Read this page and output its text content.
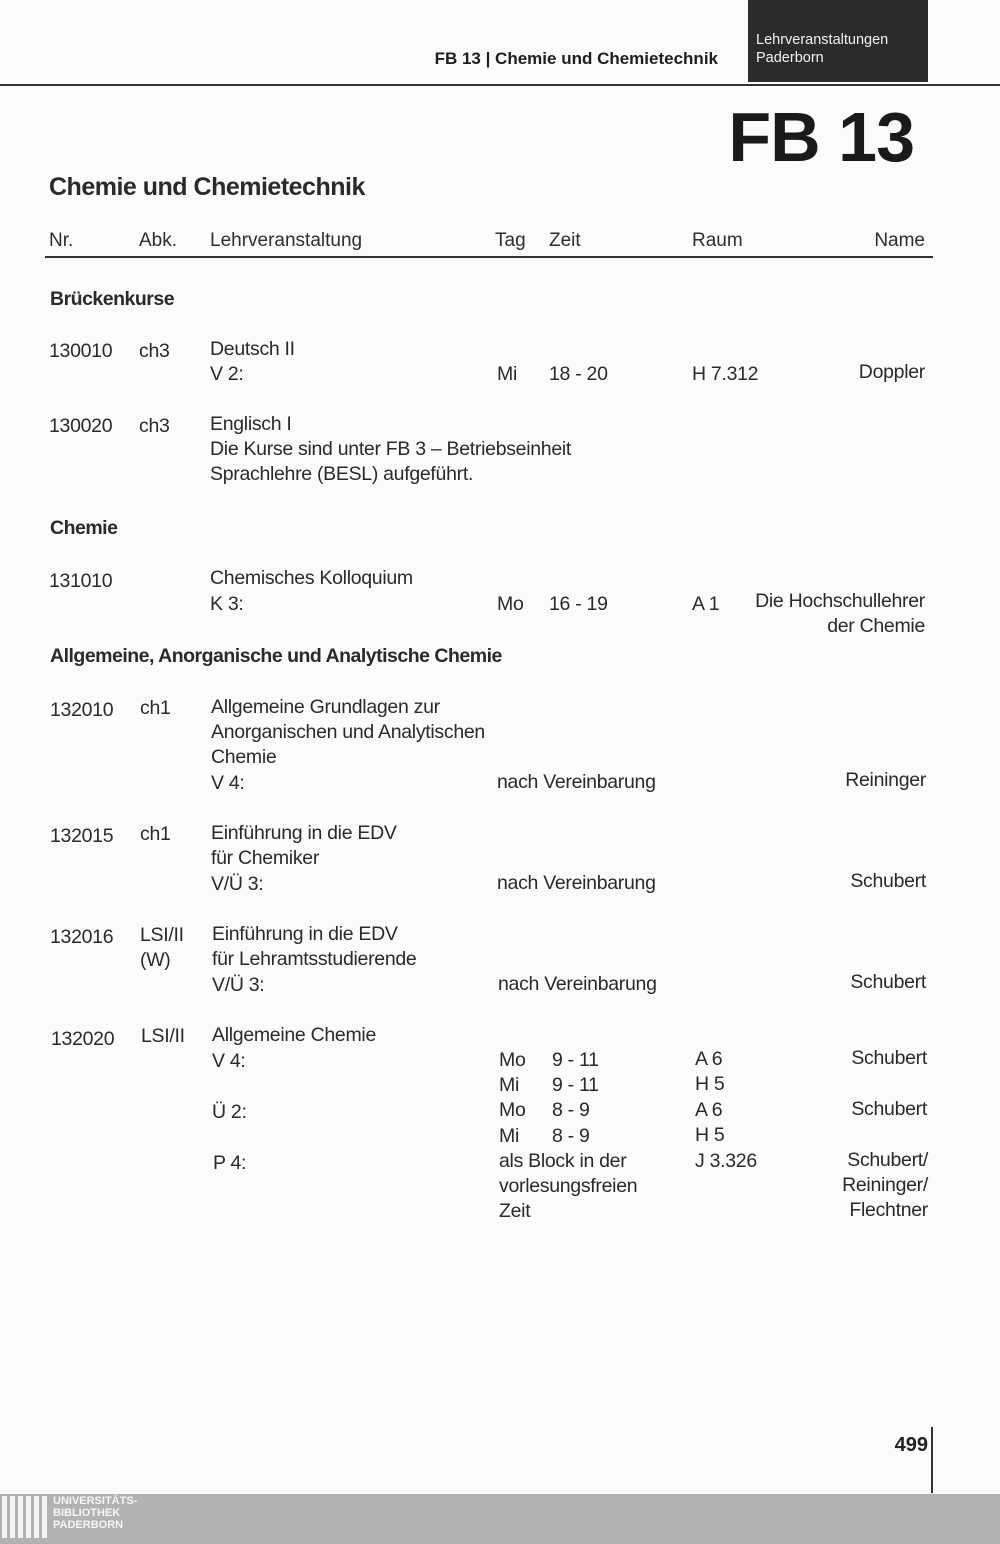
FB 13 | Chemie und Chemietechnik
Lehrveranstaltungen
Paderborn
FB 13
Chemie und Chemietechnik
Nr.	Abk. Lehrveranstaltung	Tag Zeit	Raum	Name
Brückenkurse
130010 ch3 Deutsch II
V 2:	Mi 18 - 20	H 7.312	Doppler
130020 ch3 Englisch I
Die Kurse sind unter FB 3 – Betriebseinheit
Sprachlehre (BESL) aufgeführt.
Chemie
131010	Chemisches Kolloquium
K 3:	Mo 16 - 19	A 1 Die Hochschullehrer
der Chemie
Allgemeine, Anorganische und Analytische Chemie
132010 ch1 Allgemeine Grundlagen zur
Anorganischen und Analytischen
Chemie
V 4:	nach Vereinbarung	Reininger
132015 ch1 Einführung in die EDV
für Chemiker
V/Ü 3:	nach Vereinbarung	Schubert
132016 LSI/II
(W)
Einführung in die EDV
für Lehramtsstudierende
V/Ü 3:	nach Vereinbarung	Schubert
132020 LSI/II Allgemeine Chemie
V 4:	Mo 9 - 11	A 6	Schubert
Mi 9 - 11	H 5
Ü 2:	Mo 8 - 9	A 6	Schubert
Mi 8 - 9	H 5
P 4:	als Block in der
vorlesungsfreien
Zeit
J 3.326	Schubert/
Reininger/
Flechtner
499
UNIVERSITÄTS-
BIBLIOTHEK
PADERBORN
